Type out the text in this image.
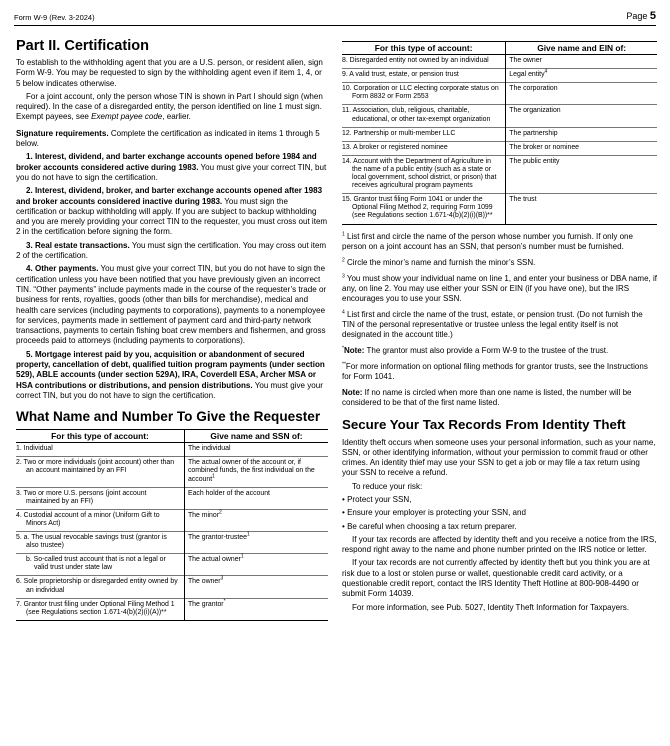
Form W-9 (Rev. 3-2024)	Page 5
Part II. Certification

To establish to the withholding agent that you are a U.S. person, or resident alien, sign Form W-9. You may be requested to sign by the withholding agent even if item 1, 4, or 5 below indicates otherwise.

For a joint account, only the person whose TIN is shown in Part I should sign (when required). In the case of a disregarded entity, the person identified on line 1 must sign. Exempt payees, see Exempt payee code, earlier.

Signature requirements. Complete the certification as indicated in items 1 through 5 below.

1. Interest, dividend, and barter exchange accounts opened before 1984 and broker accounts considered active during 1983. You must give your correct TIN, but you do not have to sign the certification.

2. Interest, dividend, broker, and barter exchange accounts opened after 1983 and broker accounts considered inactive during 1983. You must sign the certification or backup withholding will apply. If you are subject to backup withholding and you are merely providing your correct TIN to the requester, you must cross out item 2 in the certification before signing the form.

3. Real estate transactions. You must sign the certification. You may cross out item 2 of the certification.

4. Other payments. You must give your correct TIN, but you do not have to sign the certification unless you have been notified that you have previously given an incorrect TIN. “Other payments” include payments made in the course of the requester’s trade or business for rents, royalties, goods (other than bills for merchandise), medical and health care services (including payments to corporations), payments to a nonemployee for services, payments made in settlement of payment card and third-party network transactions, payments to certain fishing boat crew members and fishermen, and gross proceeds paid to attorneys (including payments to corporations).

5. Mortgage interest paid by you, acquisition or abandonment of secured property, cancellation of debt, qualified tuition program payments (under section 529), ABLE accounts (under section 529A), IRA, Coverdell ESA, Archer MSA or HSA contributions or distributions, and pension distributions. You must give your correct TIN, but you do not have to sign the certification.

What Name and Number To Give the Requester
For this type of account:	Give name and SSN of:
1. Individual	The individual
2. Two or more individuals (joint account) other than an account maintained by an FFI	The actual owner of the account or, if combined funds, the first individual on the account$^1$
3. Two or more U.S. persons (joint account maintained by an FFI)	Each holder of the account
4. Custodial account of a minor (Uniform Gift to Minors Act)	The minor$^2$
5. a. The usual revocable savings trust (grantor is also trustee)	The grantor-trustee$^1$
b. So-called trust account that is not a legal or valid trust under state law	The actual owner$^1$
6. Sole proprietorship or disregarded entity owned by an individual	The owner$^3$
7. Grantor trust filing under Optional Filing Method 1 (see Regulations section 1.671-4(b)(2)(i)(A))**	The grantor*
For this type of account:	Give name and EIN of:
8. Disregarded entity not owned by an individual	The owner
9. A valid trust, estate, or pension trust	Legal entity$^4$
10. Corporation or LLC electing corporate status on Form 8832 or Form 2553	The corporation
11. Association, club, religious, charitable, educational, or other tax-exempt organization	The organization
12. Partnership or multi-member LLC	The partnership
13. A broker or registered nominee	The broker or nominee
14. Account with the Department of Agriculture in the name of a public entity (such as a state or local government, school district, or prison) that receives agricultural program payments	The public entity
15. Grantor trust filing Form 1041 or under the Optional Filing Method 2, requiring Form 1099 (see Regulations section 1.671-4(b)(2)(i)(B))**	The trust

$^1$ List first and circle the name of the person whose number you furnish. If only one person on a joint account has an SSN, that person’s number must be furnished.

$^2$ Circle the minor’s name and furnish the minor’s SSN.

$^3$ You must show your individual name on line 1, and enter your business or DBA name, if any, on line 2. You may use either your SSN or EIN (if you have one), but the IRS encourages you to use your SSN.

$^4$ List first and circle the name of the trust, estate, or pension trust. (Do not furnish the TIN of the personal representative or trustee unless the legal entity itself is not designated in the account title.)

*Note: The grantor must also provide a Form W-9 to the trustee of the trust.

**For more information on optional filing methods for grantor trusts, see the Instructions for Form 1041.

Note: If no name is circled when more than one name is listed, the number will be considered to be that of the first name listed.

Secure Your Tax Records From Identity Theft

Identity theft occurs when someone uses your personal information, such as your name, SSN, or other identifying information, without your permission to commit fraud or other crimes. An identity thief may use your SSN to get a job or may file a tax return using your SSN to receive a refund.

To reduce your risk:

• Protect your SSN,

• Ensure your employer is protecting your SSN, and

• Be careful when choosing a tax return preparer.

If your tax records are affected by identity theft and you receive a notice from the IRS, respond right away to the name and phone number printed on the IRS notice or letter.

If your tax records are not currently affected by identity theft but you think you are at risk due to a lost or stolen purse or wallet, questionable credit card activity, or a questionable credit report, contact the IRS Identity Theft Hotline at 800-908-4490 or submit Form 14039.

For more information, see Pub. 5027, Identity Theft Information for Taxpayers.
